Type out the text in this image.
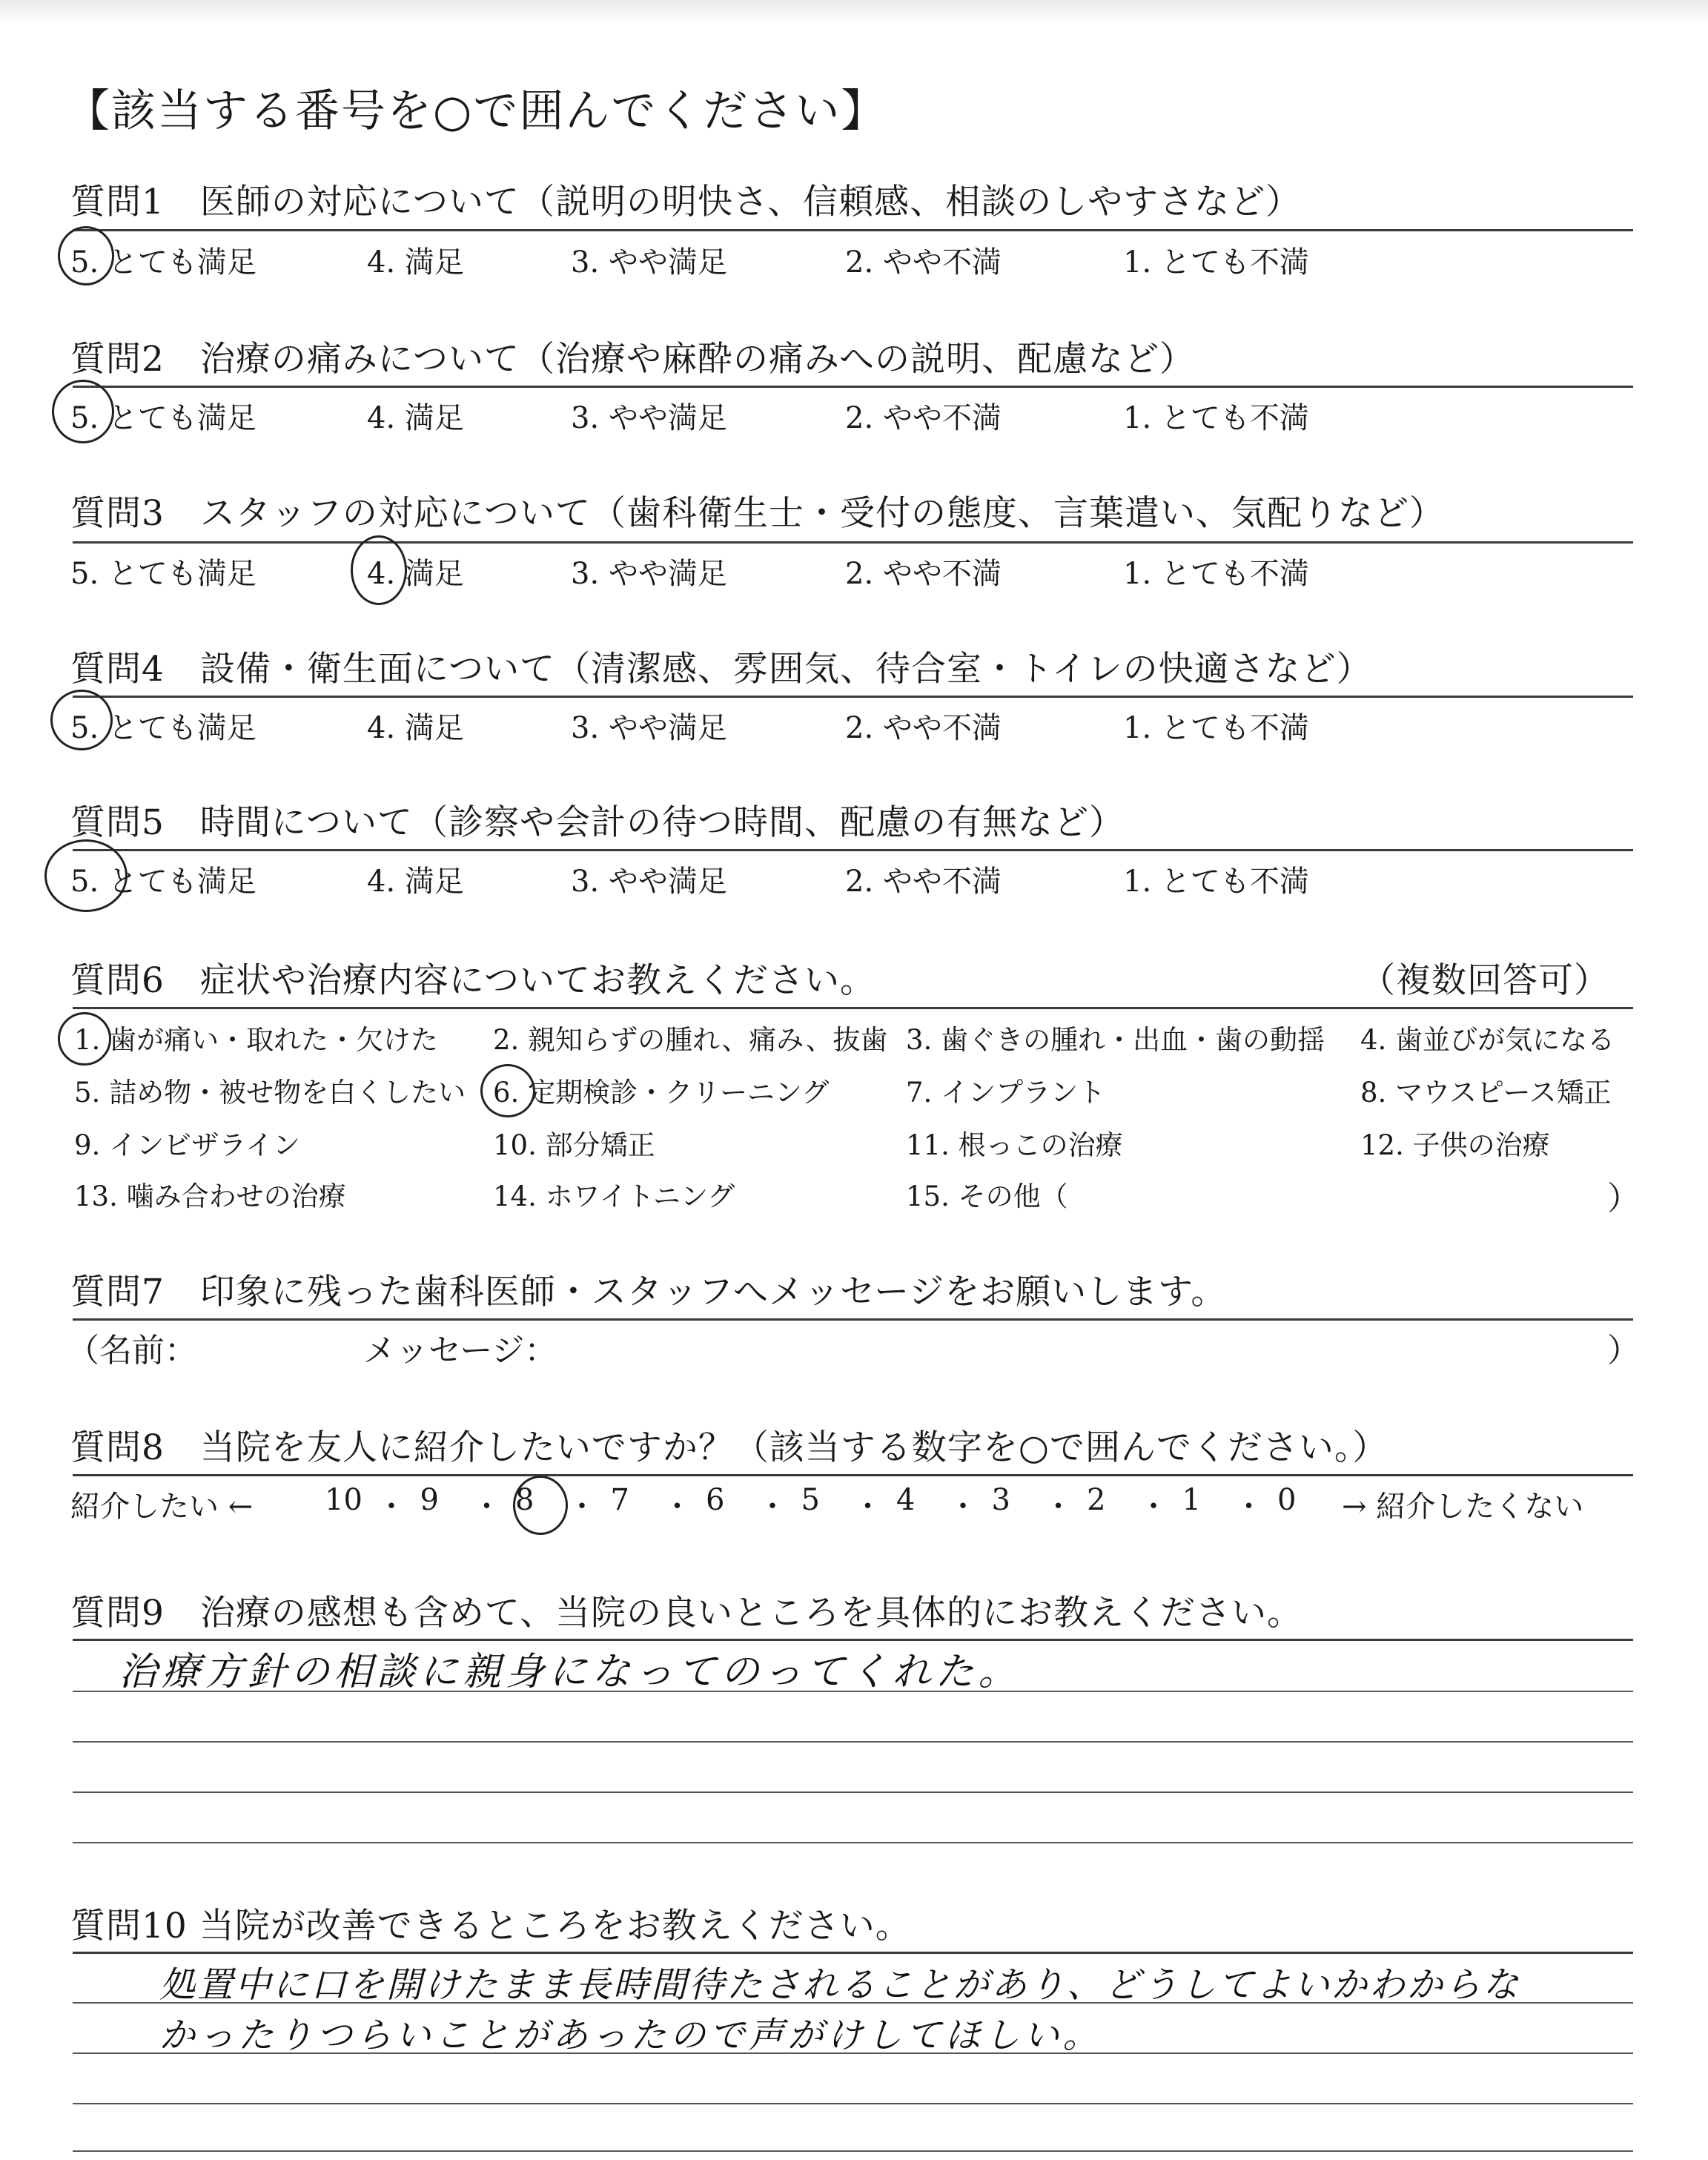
【該当する番号を○で囲んでください】
質問1　医師の対応について（説明の明快さ、信頼感、相談のしやすさなど）
5. とても満足	4. 満足	3. やや満足	2. やや不満	1. とても不満
質問2　治療の痛みについて（治療や麻酔の痛みへの説明、配慮など）
5. とても満足	4. 満足	3. やや満足	2. やや不満	1. とても不満
質問3　スタッフの対応について（歯科衛生士・受付の態度、言葉遣い、気配りなど）
5. とても満足	4. 満足	3. やや満足	2. やや不満	1. とても不満
質問4　設備・衛生面について（清潔感、雰囲気、待合室・トイレの快適さなど）
5. とても満足	4. 満足	3. やや満足	2. やや不満	1. とても不満
質問5　時間について（診察や会計の待つ時間、配慮の有無など）
5. とても満足	4. 満足	3. やや満足	2. やや不満	1. とても不満
質問6　症状や治療内容についてお教えください。	（複数回答可）
1. 歯が痛い・取れた・欠けた 2. 親知らずの腫れ、痛み、抜歯 3. 歯ぐきの腫れ・出血・歯の動揺 4. 歯並びが気になる
5. 詰め物・被せ物を白くしたい 6. 定期検診・クリーニング	7. インプラント	8. マウスピース矯正
9. インビザライン	10. 部分矯正	11. 根っこの治療	12. 子供の治療
13. 噛み合わせの治療	14. ホワイトニング	15. その他（	）
質問7　印象に残った歯科医師・スタッフへメッセージをお願いします。
（名前：	メッセージ：	）
質問8　当院を友人に紹介したいですか？（該当する数字を○で囲んでください。）
紹介したい ← 10 ・ 9 ・ 8 ・ 7 ・ 6 ・ 5 ・ 4 ・ 3 ・ 2 ・ 1 ・ 0 → 紹介したくない
質問9　治療の感想も含めて、当院の良いところを具体的にお教えください。
治療方針の相談に親身になってのってくれた。
質問10 当院が改善できるところをお教えください。
処置中に口を開けたまま長時間待たされることがあり、どうしてよいかわからな
かったりつらいことがあったので声がけしてほしい。
